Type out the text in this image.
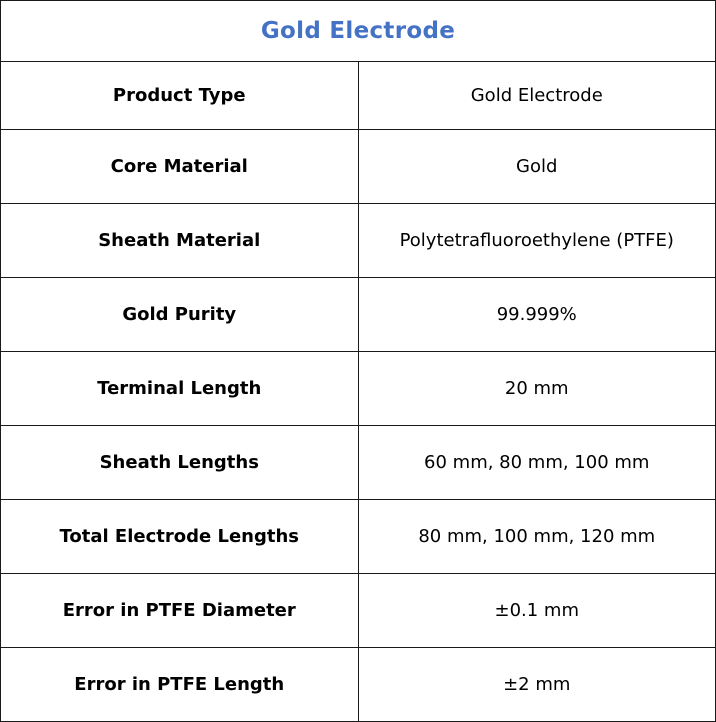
Gold Electrode	
Product Type	Gold Electrode
Core Material	Gold
Sheath Material	Polytetrafluoroethylene (PTFE)
Gold Purity	99.999%
Terminal Length	20 mm
Sheath Lengths	60 mm, 80 mm, 100 mm
Total Electrode Lengths	80 mm, 100 mm, 120 mm
Error in PTFE Diameter	±0.1 mm
Error in PTFE Length	±2 mm
